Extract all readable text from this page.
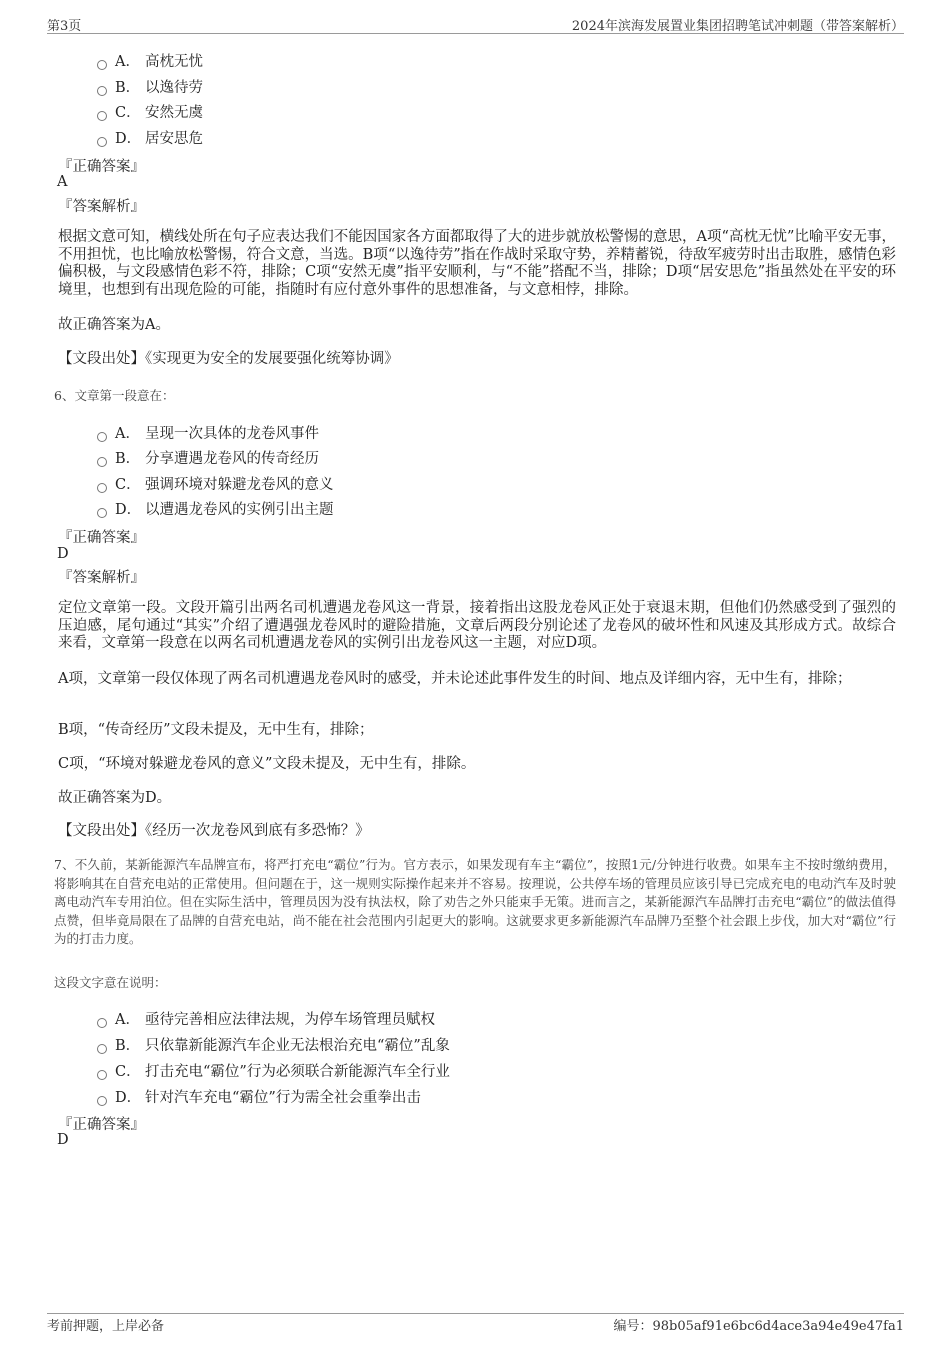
第3页	2024年滨海发展置业集团招聘笔试冲刺题（带答案解析）
A． 高枕无忧
B． 以逸待劳
C． 安然无虞
D． 居安思危
『正确答案』
A
『答案解析』
根据文意可知，横线处所在句子应表达我们不能因国家各方面都取得了大的进步就放松警惕的意思，A项“高枕无忧”比喻平安无事，不用担忧，也比喻放松警惕，符合文意，当选。B项“以逸待劳”指在作战时采取守势，养精蓄锐，待敌军疲劳时出击取胜，感情色彩偏积极，与文段感情色彩不符，排除；C项“安然无虞”指平安顺利，与“不能”搭配不当，排除；D项“居安思危”指虽然处在平安的环境里，也想到有出现危险的可能，指随时有应付意外事件的思想准备，与文意相悖，排除。
故正确答案为A。
【文段出处】《实现更为安全的发展要强化统筹协调》
6、文章第一段意在：
A． 呈现一次具体的龙卷风事件
B． 分享遭遇龙卷风的传奇经历
C． 强调环境对躲避龙卷风的意义
D． 以遭遇龙卷风的实例引出主题
『正确答案』
D
『答案解析』
定位文章第一段。文段开篇引出两名司机遭遇龙卷风这一背景，接着指出这股龙卷风正处于衰退末期，但他们仍然感受到了强烈的压迫感，尾句通过“其实”介绍了遭遇强龙卷风时的避险措施，文章后两段分别论述了龙卷风的破坏性和风速及其形成方式。故综合来看，文章第一段意在以两名司机遭遇龙卷风的实例引出龙卷风这一主题，对应D项。
A项，文章第一段仅体现了两名司机遭遇龙卷风时的感受，并未论述此事件发生的时间、地点及详细内容，无中生有，排除；
B项，“传奇经历”文段未提及，无中生有，排除；
C项，“环境对躲避龙卷风的意义”文段未提及，无中生有，排除。
故正确答案为D。
【文段出处】《经历一次龙卷风到底有多恐怖？》
7、不久前，某新能源汽车品牌宣布，将严打充电“霸位”行为。官方表示，如果发现有车主“霸位”，按照1元/分钟进行收费。如果车主不按时缴纳费用，将影响其在自营充电站的正常使用。但问题在于，这一规则实际操作起来并不容易。按理说，公共停车场的管理员应该引导已完成充电的电动汽车及时驶离电动汽车专用泊位。但在实际生活中，管理员因为没有执法权，除了劝告之外只能束手无策。进而言之，某新能源汽车品牌打击充电“霸位”的做法值得点赞，但毕竟局限在了品牌的自营充电站，尚不能在社会范围内引起更大的影响。这就要求更多新能源汽车品牌乃至整个社会跟上步伐，加大对“霸位”行为的打击力度。
这段文字意在说明：
A． 亟待完善相应法律法规，为停车场管理员赋权
B． 只依靠新能源汽车企业无法根治充电“霸位”乱象
C． 打击充电“霸位”行为必须联合新能源汽车全行业
D． 针对汽车充电“霸位”行为需全社会重拳出击
『正确答案』
D
考前押题，上岸必备	编号：98b05af91e6bc6d4ace3a94e49e47fa1
